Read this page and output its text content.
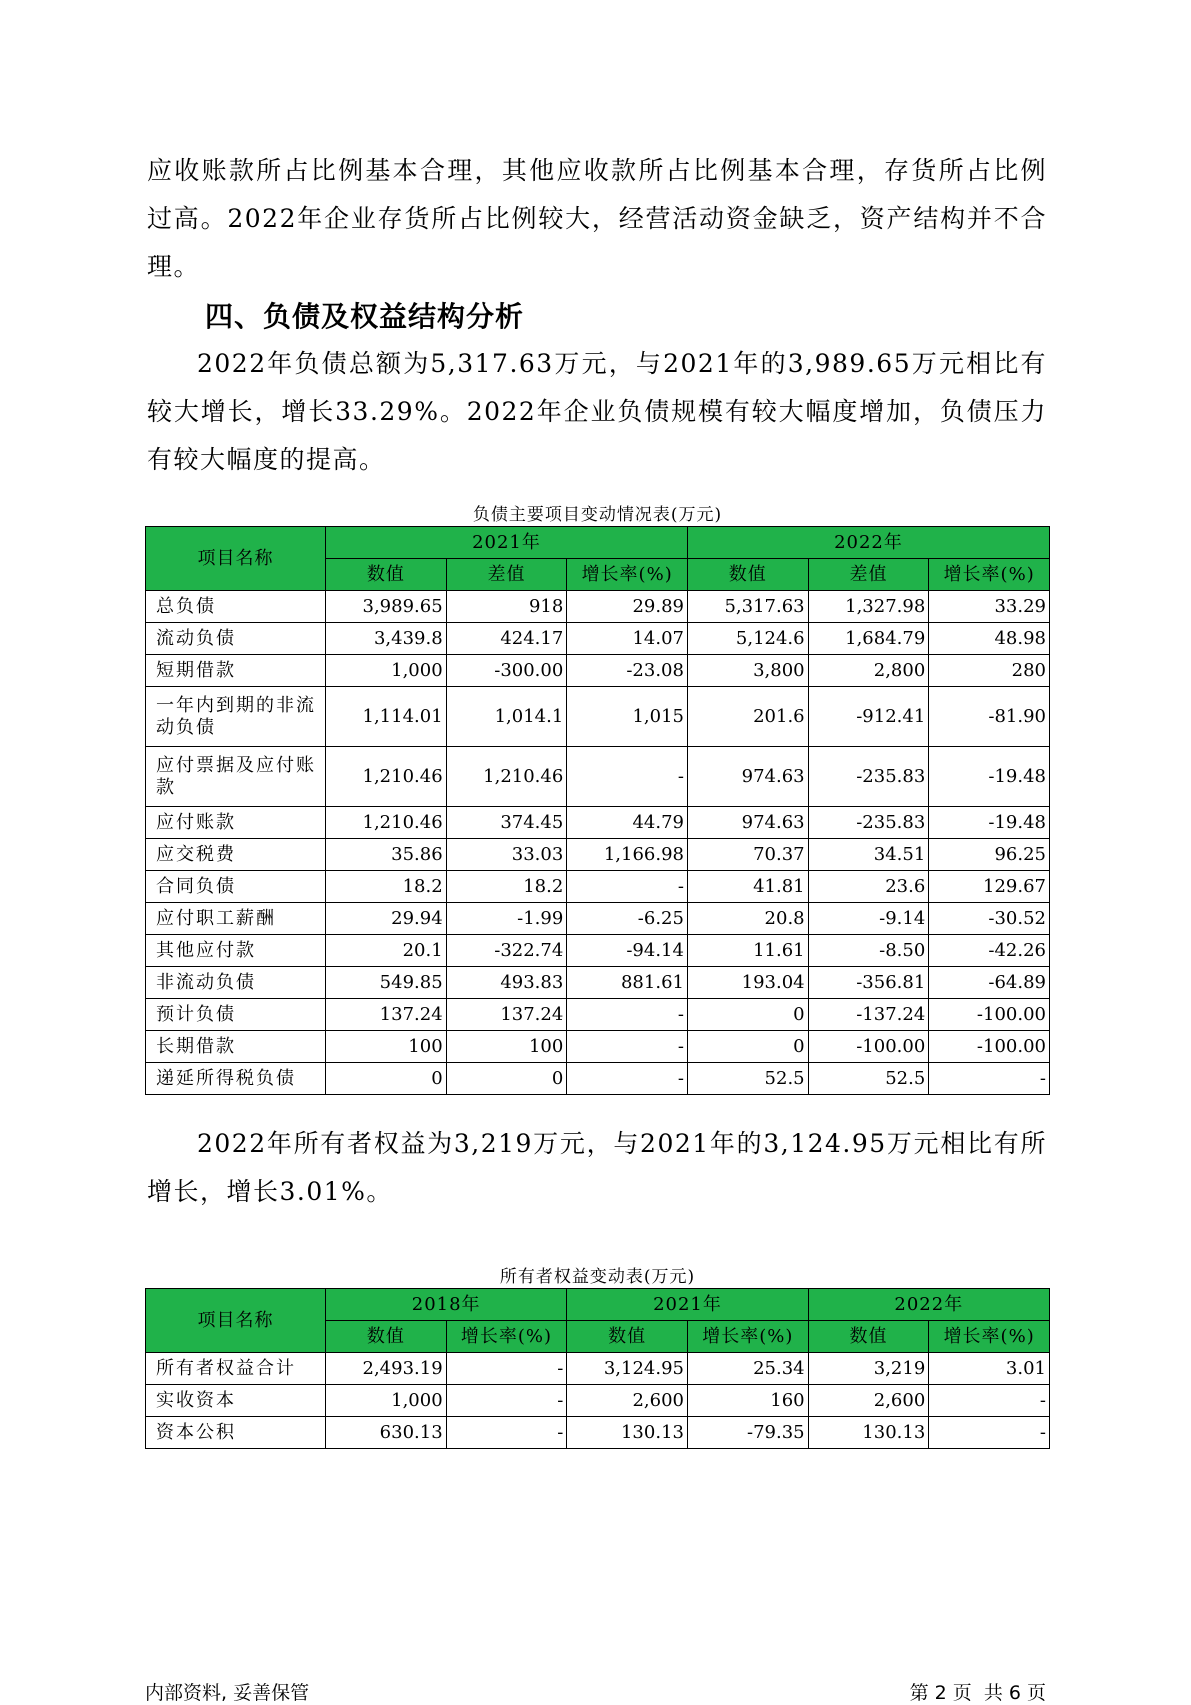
应收账款所占比例基本合理，其他应收款所占比例基本合理，存货所占比例过高。2022年企业存货所占比例较大，经营活动资金缺乏，资产结构并不合理。

四、负债及权益结构分析

2022年负债总额为5,317.63万元，与2021年的3,989.65万元相比有较大增长，增长33.29%。2022年企业负债规模有较大幅度增加，负债压力有较大幅度的提高。

负债主要项目变动情况表(万元)
项目名称	2021年			2022年		
	数值	差值	增长率(%)	数值	差值	增长率(%)
总负债	3,989.65	918	29.89	5,317.63	1,327.98	33.29
流动负债	3,439.8	424.17	14.07	5,124.6	1,684.79	48.98
短期借款	1,000	-300.00	-23.08	3,800	2,800	280
一年内到期的非流动负债	1,114.01	1,014.1	1,015	201.6	-912.41	-81.90
应付票据及应付账款	1,210.46	1,210.46	-	974.63	-235.83	-19.48
应付账款	1,210.46	374.45	44.79	974.63	-235.83	-19.48
应交税费	35.86	33.03	1,166.98	70.37	34.51	96.25
合同负债	18.2	18.2	-	41.81	23.6	129.67
应付职工薪酬	29.94	-1.99	-6.25	20.8	-9.14	-30.52
其他应付款	20.1	-322.74	-94.14	11.61	-8.50	-42.26
非流动负债	549.85	493.83	881.61	193.04	-356.81	-64.89
预计负债	137.24	137.24	-	0	-137.24	-100.00
长期借款	100	100	-	0	-100.00	-100.00
递延所得税负债	0	0	-	52.5	52.5	-

2022年所有者权益为3,219万元，与2021年的3,124.95万元相比有所增长，增长3.01%。

所有者权益变动表(万元)
项目名称	2018年		2021年		2022年	
	数值	增长率(%)	数值	增长率(%)	数值	增长率(%)
所有者权益合计	2,493.19	-	3,124.95	25.34	3,219	3.01
实收资本	1,000	-	2,600	160	2,600	-
资本公积	630.13	-	130.13	-79.35	130.13	-
内部资料, 妥善保管	第 2 页  共 6 页
